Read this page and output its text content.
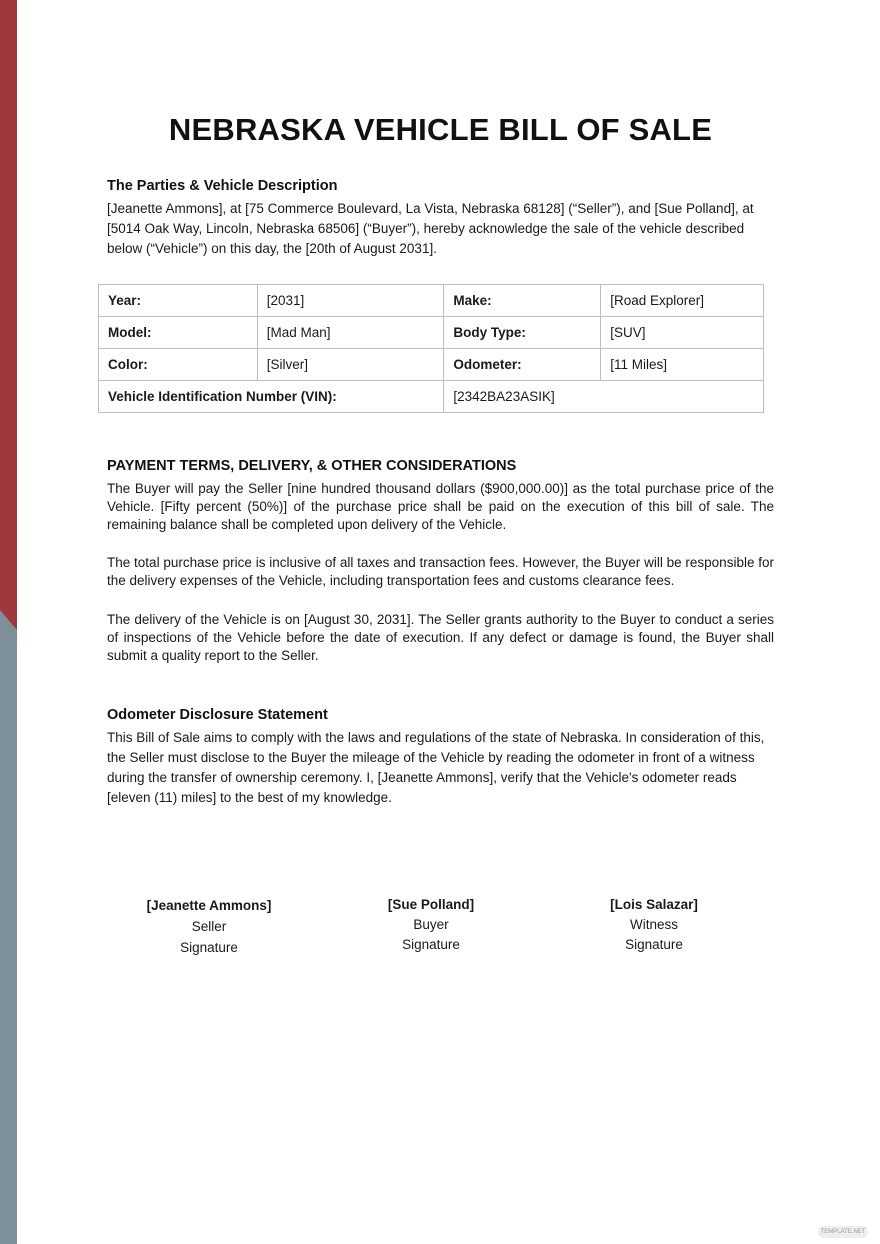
NEBRASKA VEHICLE BILL OF SALE
The Parties & Vehicle Description
[Jeanette Ammons], at [75 Commerce Boulevard, La Vista, Nebraska 68128] (“Seller”), and [Sue Polland], at [5014 Oak Way, Lincoln, Nebraska 68506] (“Buyer”), hereby acknowledge the sale of the vehicle described below (“Vehicle”) on this day, the [20th of August 2031].
PAYMENT TERMS, DELIVERY, & OTHER CONSIDERATIONS
The Buyer will pay the Seller [nine hundred thousand dollars ($900,000.00)] as the total purchase price of the Vehicle. [Fifty percent (50%)] of the purchase price shall be paid on the execution of this bill of sale. The remaining balance shall be completed upon delivery of the Vehicle.
The total purchase price is inclusive of all taxes and transaction fees. However, the Buyer will be responsible for the delivery expenses of the Vehicle, including transportation fees and customs clearance fees.
The delivery of the Vehicle is on [August 30, 2031]. The Seller grants authority to the Buyer to conduct a series of inspections of the Vehicle before the date of execution. If any defect or damage is found, the Buyer shall submit a quality report to the Seller.
Odometer Disclosure Statement
This Bill of Sale aims to comply with the laws and regulations of the state of Nebraska. In consideration of this, the Seller must disclose to the Buyer the mileage of the Vehicle by reading the odometer in front of a witness during the transfer of ownership ceremony. I, [Jeanette Ammons], verify that the Vehicle's odometer reads [eleven (11) miles] to the best of my knowledge.
Year:	[2031]	Make:	[Road Explorer]
Model:	[Mad Man]	Body Type:	[SUV]
Color:	[Silver]	Odometer:	[11 Miles]
Vehicle Identification Number (VIN):		[2342BA23ASIK]	
[Jeanette Ammons]
Seller
Signature
[Sue Polland]
Buyer
Signature
[Lois Salazar]
Witness
Signature
TEMPLATE.NET
